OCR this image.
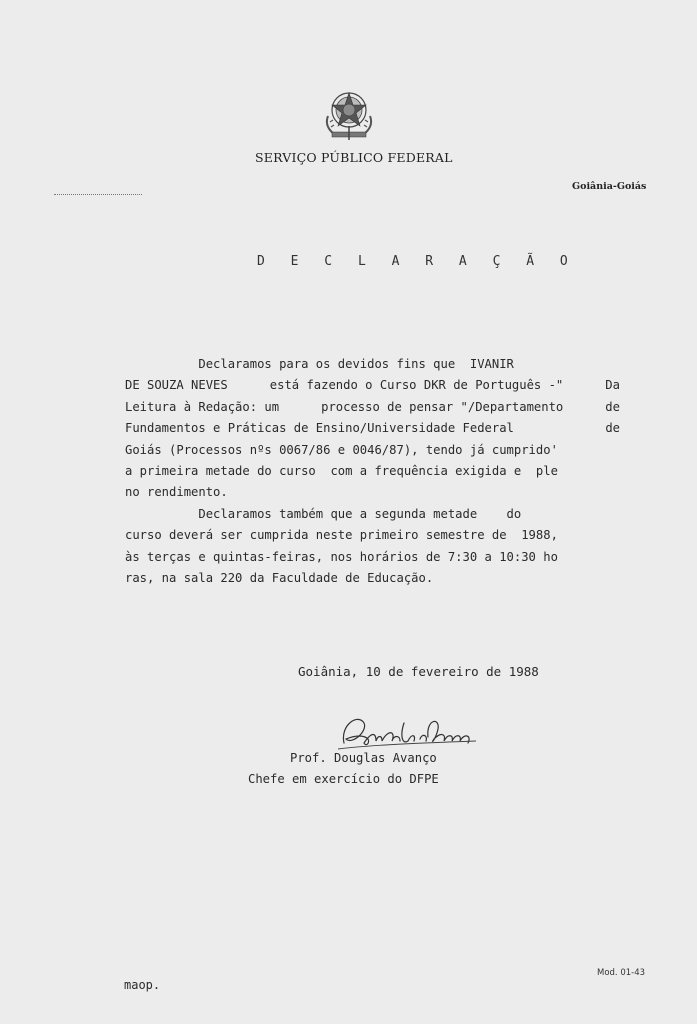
SERVIÇO PÚBLICO FEDERAL
Goiânia-Goiás
D E C L A R A Ç Ã O
Declaramos para os devidos fins que  IVANIR
DE SOUZA NEVES	está fazendo o Curso DKR de Português -"	Da
Leitura à Redação: um	processo de pensar "/Departamento	de
Fundamentos e Práticas de Ensino/Universidade Federal	de
Goiás (Processos nºs 0067/86 e 0046/87), tendo já cumprido'
a primeira metade do curso  com a frequência exigida e  ple
no rendimento.
Declaramos também que a segunda metade    do
curso deverá ser cumprida neste primeiro semestre de  1988,
às terças e quintas-feiras, nos horários de 7:30 a 10:30 ho
ras, na sala 220 da Faculdade de Educação.
Goiânia, 10 de fevereiro de 1988
Prof. Douglas Avanço
Chefe em exercício do DFPE
maop.
Mod. 01-43
